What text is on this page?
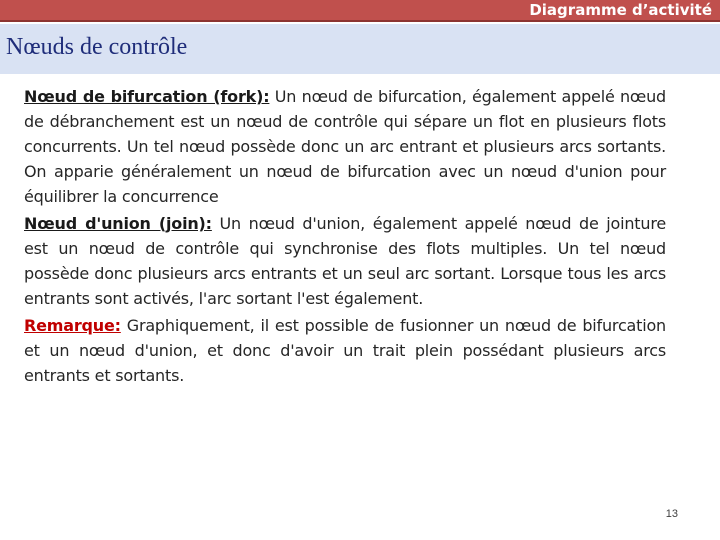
Diagramme d’activité
Nœuds de contrôle

Nœud de bifurcation (fork): Un nœud de bifurcation, également appelé nœud de débranchement est un nœud de contrôle qui sépare un flot en plusieurs flots concurrents. Un tel nœud possède donc un arc entrant et plusieurs arcs sortants. On apparie généralement un nœud de bifurcation avec un nœud d'union pour équilibrer la concurrence

Nœud d'union (join): Un nœud d'union, également appelé nœud de jointure est un nœud de contrôle qui synchronise des flots multiples. Un tel nœud possède donc plusieurs arcs entrants et un seul arc sortant. Lorsque tous les arcs entrants sont activés, l'arc sortant l'est également.

Remarque: Graphiquement, il est possible de fusionner un nœud de bifurcation et un nœud d'union, et donc d'avoir un trait plein possédant plusieurs arcs entrants et sortants.

13
